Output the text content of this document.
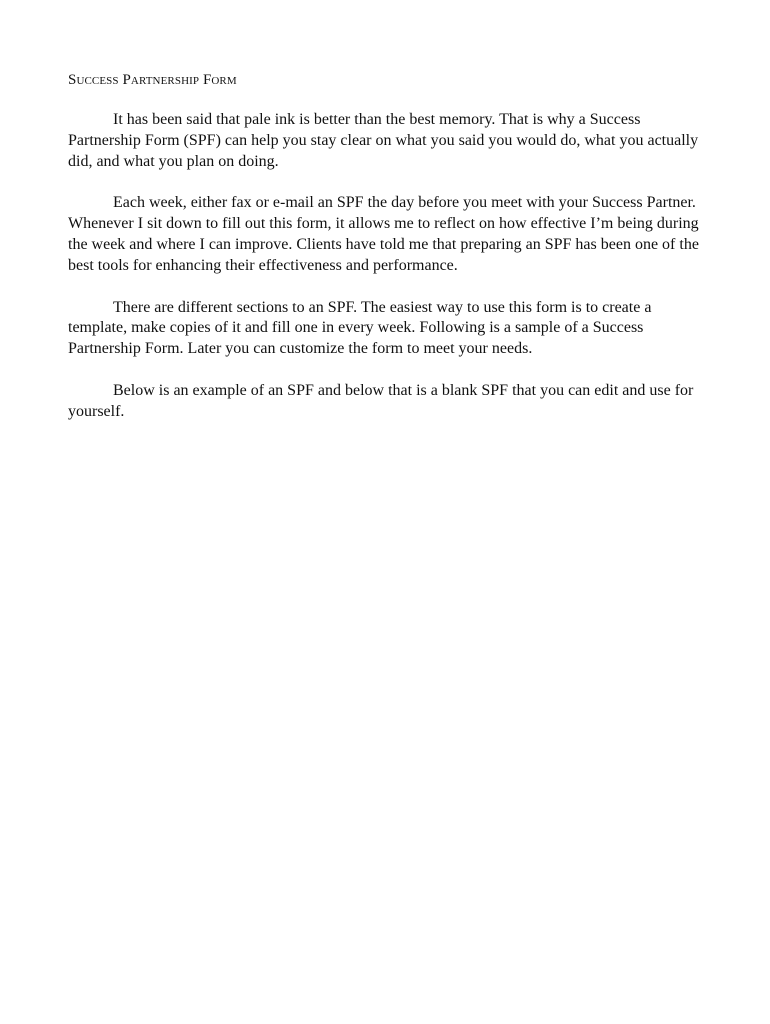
Success Partnership Form

It has been said that pale ink is better than the best memory. That is why a Success Partnership Form (SPF) can help you stay clear on what you said you would do, what you actually did, and what you plan on doing.

Each week, either fax or e-mail an SPF the day before you meet with your Success Partner. Whenever I sit down to fill out this form, it allows me to reflect on how effective I’m being during the week and where I can improve. Clients have told me that preparing an SPF has been one of the best tools for enhancing their effectiveness and performance.

There are different sections to an SPF. The easiest way to use this form is to create a template, make copies of it and fill one in every week. Following is a sample of a Success Partnership Form. Later you can customize the form to meet your needs.

Below is an example of an SPF and below that is a blank SPF that you can edit and use for yourself.
